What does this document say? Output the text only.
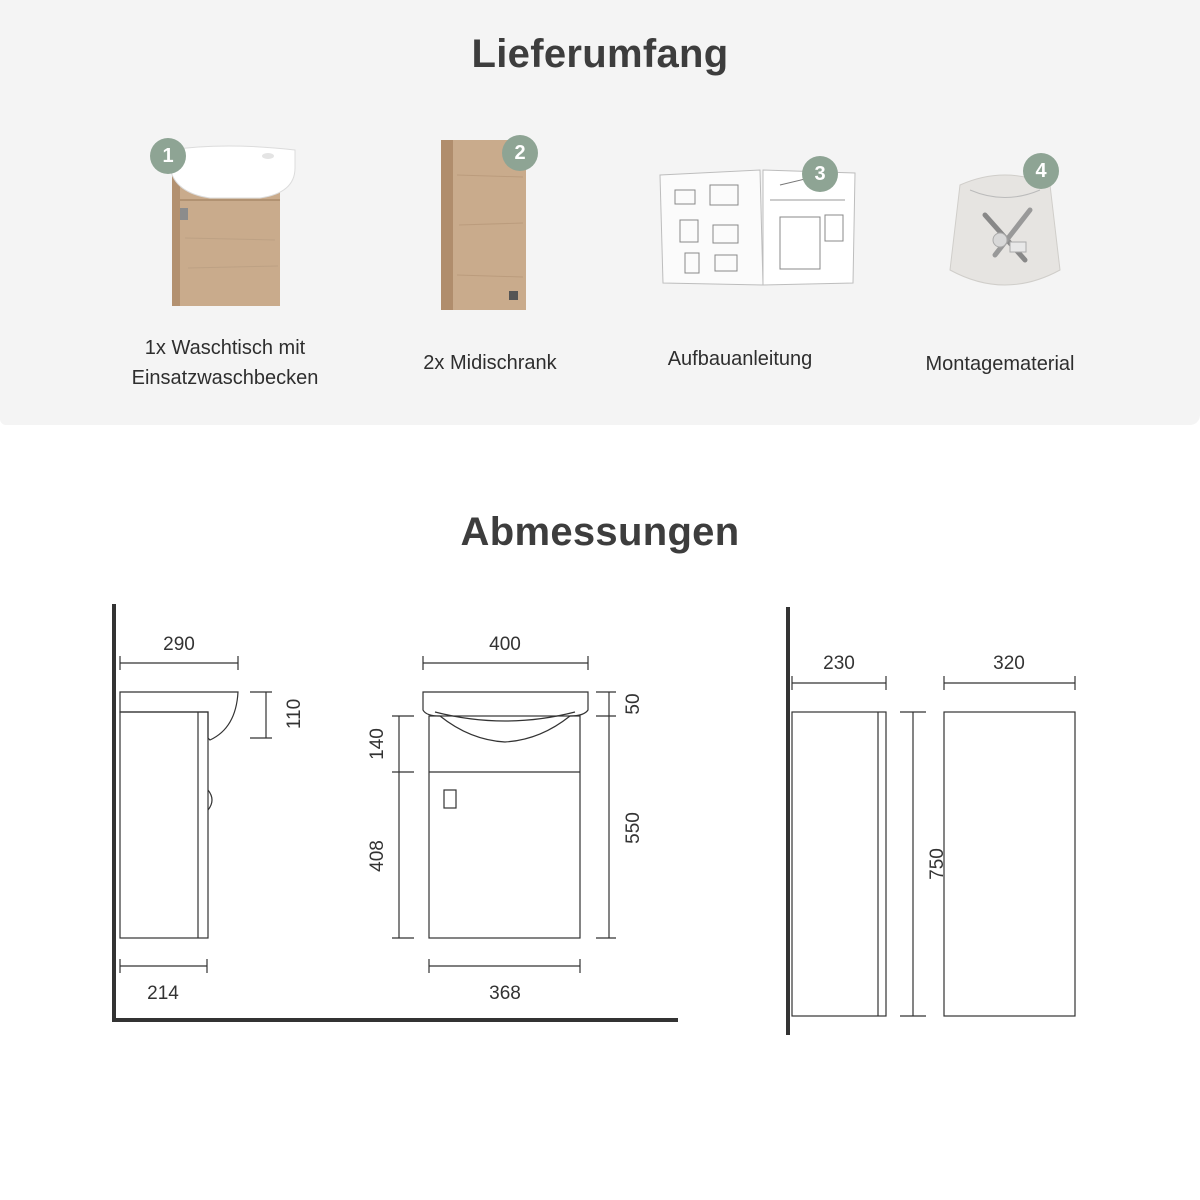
Lieferumfang
1
1x Waschtisch mit
Einsatzwaschbecken
2
2x Midischrank
3
Aufbauanleitung
4
Montagematerial
Abmessungen
290
110
214
400
50
140
408
550
368
230	320
750
